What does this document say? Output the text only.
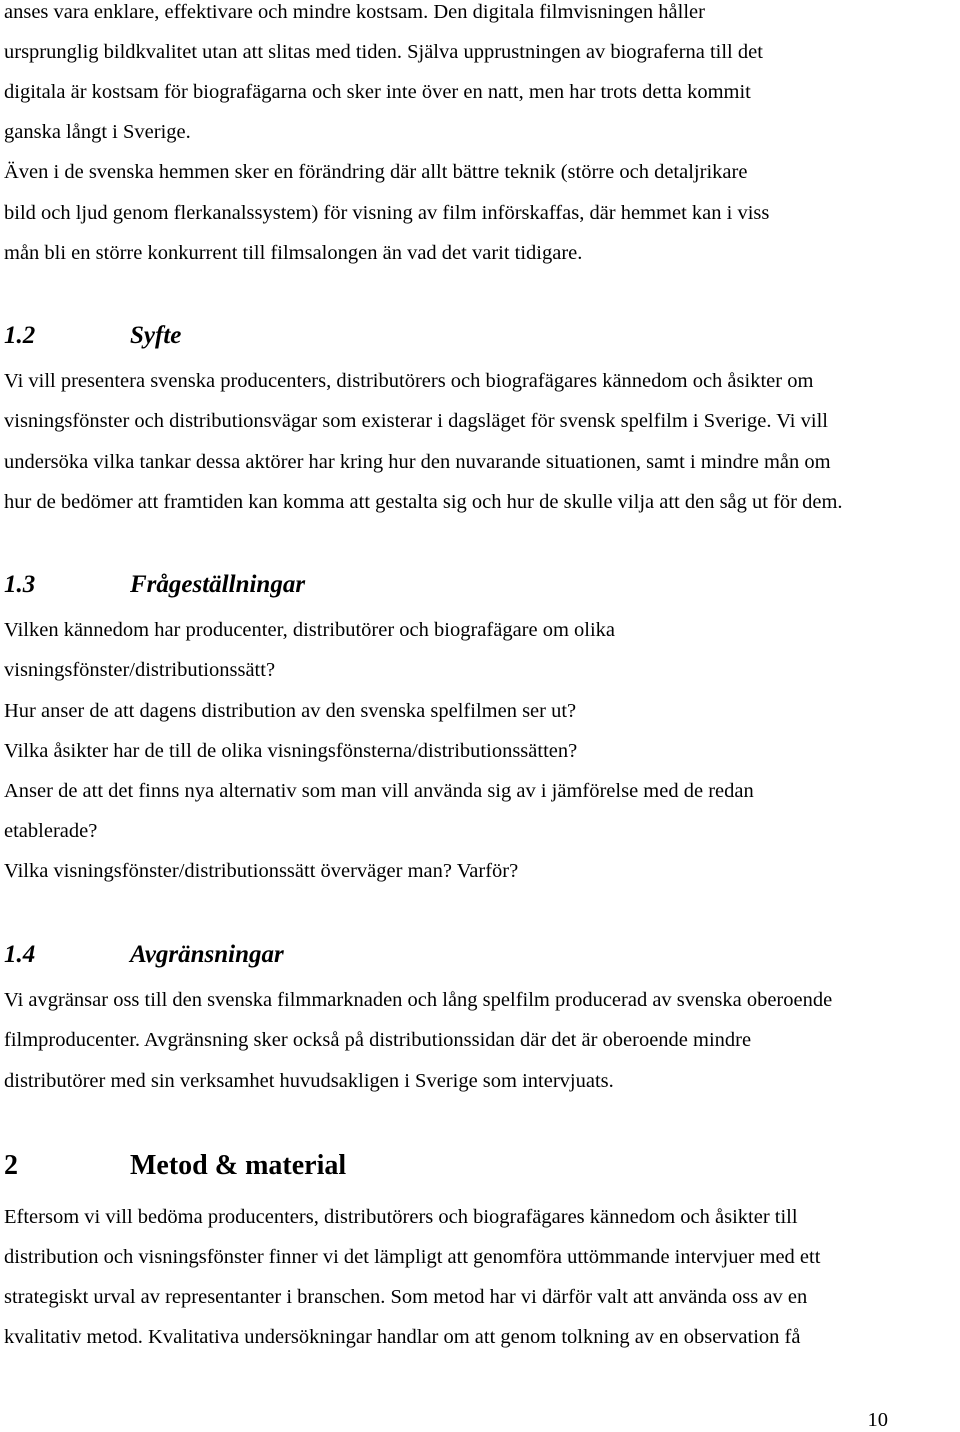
anses vara enklare, effektivare och mindre kostsam. Den digitala filmvisningen håller
ursprunglig bildkvalitet utan att slitas med tiden. Själva upprustningen av biograferna till det
digitala är kostsam för biografägarna och sker inte över en natt, men har trots detta kommit
ganska långt i Sverige.
Även i de svenska hemmen sker en förändring där allt bättre teknik (större och detaljrikare
bild och ljud genom flerkanalssystem) för visning av film införskaffas, där hemmet kan i viss
mån bli en större konkurrent till filmsalongen än vad det varit tidigare.
1.2	Syfte
Vi vill presentera svenska producenters, distributörers och biografägares kännedom och åsikter om
visningsfönster och distributionsvägar som existerar i dagsläget för svensk spelfilm i Sverige. Vi vill
undersöka vilka tankar dessa aktörer har kring hur den nuvarande situationen, samt i mindre mån om
hur de bedömer att framtiden kan komma att gestalta sig och hur de skulle vilja att den såg ut för dem.
1.3	Frågeställningar
Vilken kännedom har producenter, distributörer och biografägare om olika
visningsfönster/distributionssätt?
Hur anser de att dagens distribution av den svenska spelfilmen ser ut?
Vilka åsikter har de till de olika visningsfönsterna/distributionssätten?
Anser de att det finns nya alternativ som man vill använda sig av i jämförelse med de redan
etablerade?
Vilka visningsfönster/distributionssätt överväger man? Varför?
1.4	Avgränsningar
Vi avgränsar oss till den svenska filmmarknaden och lång spelfilm producerad av svenska oberoende
filmproducenter. Avgränsning sker också på distributionssidan där det är oberoende mindre
distributörer med sin verksamhet huvudsakligen i Sverige som intervjuats.
2	Metod & material
Eftersom vi vill bedöma producenters, distributörers och biografägares kännedom och åsikter till
distribution och visningsfönster finner vi det lämpligt att genomföra uttömmande intervjuer med ett
strategiskt urval av representanter i branschen. Som metod har vi därför valt att använda oss av en
kvalitativ metod. Kvalitativa undersökningar handlar om att genom tolkning av en observation få
10
